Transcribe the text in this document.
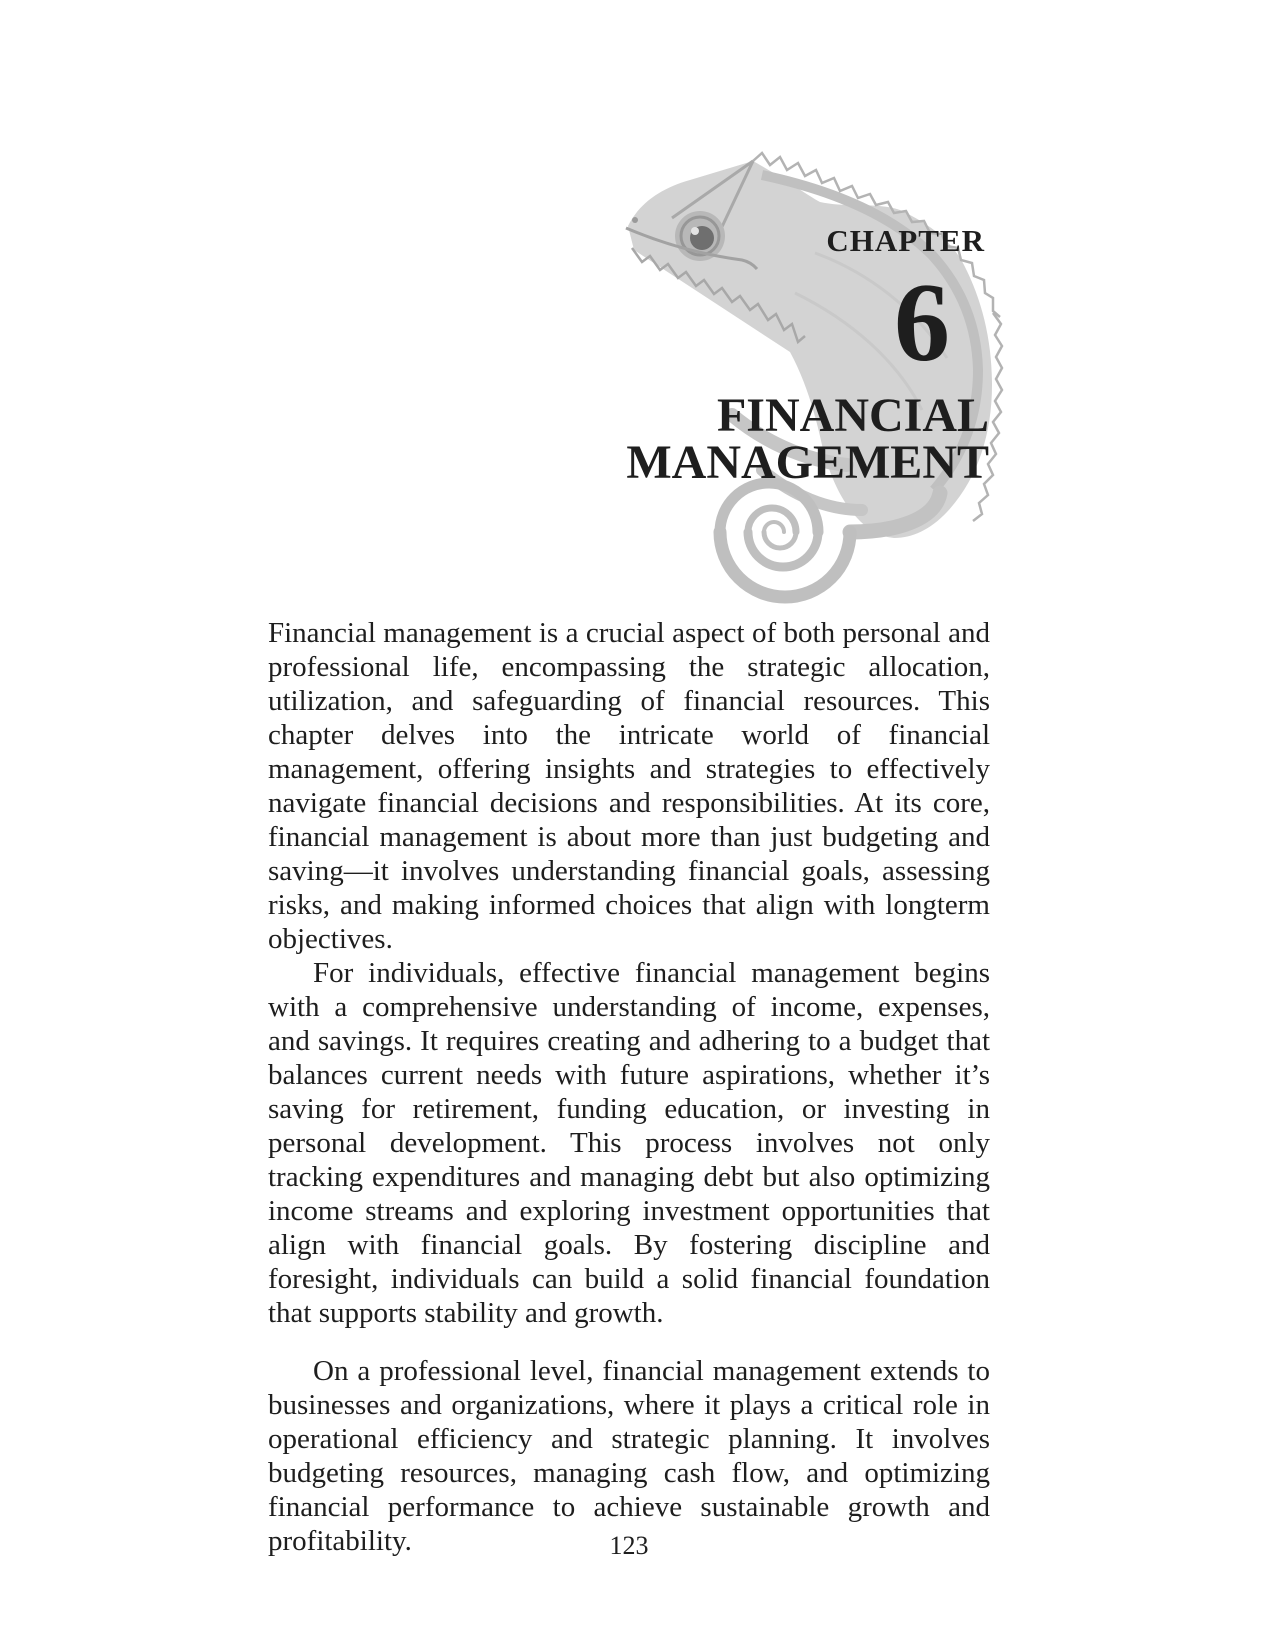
CHAPTER
6
FINANCIAL
MANAGEMENT

Financial management is a crucial aspect of both personal and professional life, encompassing the strategic allocation, utilization, and safeguarding of financial resources. This chapter delves into the intricate world of financial management, offering insights and strategies to effectively navigate financial decisions and responsibilities. At its core, financial management is about more than just budgeting and saving—it involves understanding financial goals, assessing risks, and making informed choices that align with longterm objectives.

For individuals, effective financial management begins with a comprehensive understanding of income, expenses, and savings. It requires creating and adhering to a budget that balances current needs with future aspirations, whether it’s saving for retirement, funding education, or investing in personal development. This process involves not only tracking expenditures and managing debt but also optimizing income streams and exploring investment opportunities that align with financial goals. By fostering discipline and foresight, individuals can build a solid financial foundation that supports stability and growth.

On a professional level, financial management extends to businesses and organizations, where it plays a critical role in operational efficiency and strategic planning. It involves budgeting resources, managing cash flow, and optimizing financial performance to achieve sustainable growth and profitability.	123
